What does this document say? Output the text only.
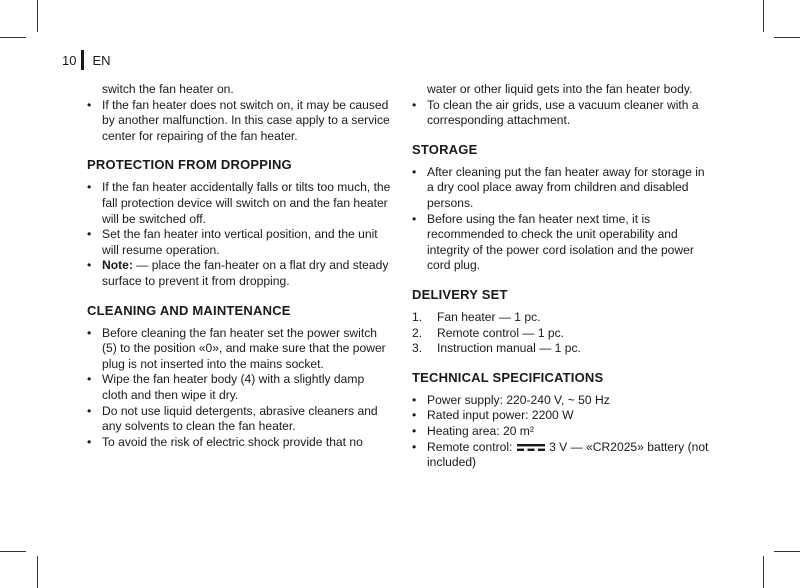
10 EN
switch the fan heater on.
• If the fan heater does not switch on, it may be caused by another malfunction. In this case apply to a service center for repairing of the fan heater.
PROTECTION FROM DROPPING
• If the fan heater accidentally falls or tilts too much, the fall protection device will switch on and the fan heater will be switched off.
• Set the fan heater into vertical position, and the unit will resume operation.
• Note: — place the fan-heater on a flat dry and steady surface to prevent it from dropping.
CLEANING AND MAINTENANCE
• Before cleaning the fan heater set the power switch (5) to the position «0», and make sure that the power plug is not inserted into the mains socket.
• Wipe the fan heater body (4) with a slightly damp cloth and then wipe it dry.
• Do not use liquid detergents, abrasive cleaners and any solvents to clean the fan heater.
• To avoid the risk of electric shock provide that no
water or other liquid gets into the fan heater body.
• To clean the air grids, use a vacuum cleaner with a corresponding attachment.
STORAGE
• After cleaning put the fan heater away for storage in a dry cool place away from children and disabled persons.
• Before using the fan heater next time, it is recommended to check the unit operability and integrity of the power cord isolation and the power cord plug.
DELIVERY SET
1. Fan heater — 1 pc.
2. Remote control — 1 pc.
3. Instruction manual — 1 pc.
TECHNICAL SPECIFICATIONS
• Power supply: 220-240 V, ~ 50 Hz
• Rated input power: 2200 W
• Heating area: 20 m²
• Remote control:  3 V — «CR2025» battery (not included)
